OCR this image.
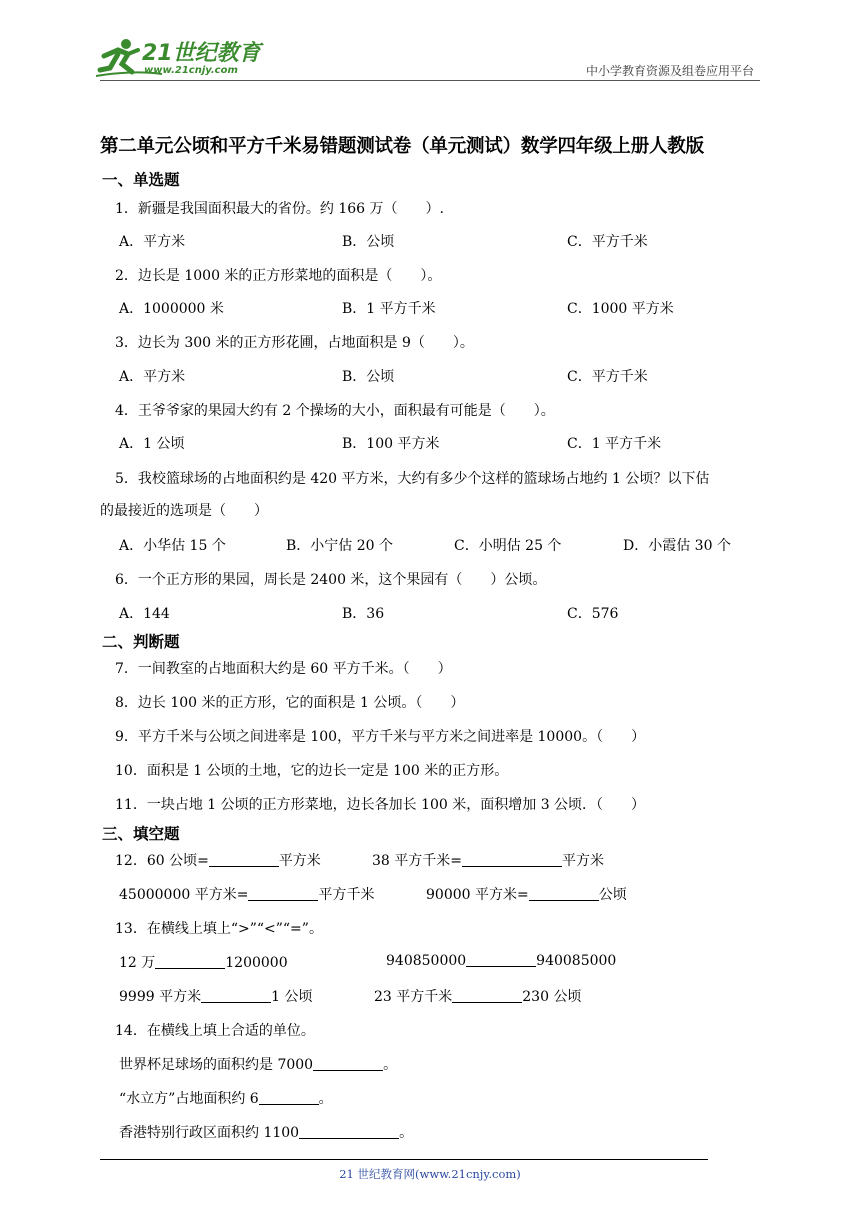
21世纪教育
www.21cnjy.com	中小学教育资源及组卷应用平台
第二单元公顷和平方千米易错题测试卷（单元测试）数学四年级上册人教版
一、单选题
1．新疆是我国面积最大的省份。约 166 万（　　）.
A．平方米	B．公顷	C．平方千米
2．边长是 1000 米的正方形菜地的面积是（　　）。
A．1000000 米	B．1 平方千米	C．1000 平方米
3．边长为 300 米的正方形花圃，占地面积是 9（　　）。
A．平方米	B．公顷	C．平方千米
4．王爷爷家的果园大约有 2 个操场的大小，面积最有可能是（　　）。
A．1 公顷	B．100 平方米	C．1 平方千米
5．我校篮球场的占地面积约是 420 平方米，大约有多少个这样的篮球场占地约 1 公顷？以下估
的最接近的选项是（　　）
A．小华估 15 个	B．小宁估 20 个	C．小明估 25 个	D．小霞估 30 个
6．一个正方形的果园，周长是 2400 米，这个果园有（　　）公顷。
A．144	B．36	C．576
二、判断题
7．一间教室的占地面积大约是 60 平方千米。（　　）
8．边长 100 米的正方形，它的面积是 1 公顷。（　　）
9．平方千米与公顷之间进率是 100，平方千米与平方米之间进率是 10000。（　　）
10．面积是 1 公顷的土地，它的边长一定是 100 米的正方形。
11．一块占地 1 公顷的正方形菜地，边长各加长 100 米，面积增加 3 公顷．（　　）
三、填空题
12．60 公顷=	平方米	38 平方千米=	平方米
45000000 平方米=	平方千米	90000 平方米=	公顷
13．在横线上填上“>”“<”“=”。
12 万	1200000	940850000	940085000
9999 平方米	1 公顷	23 平方千米	230 公顷
14．在横线上填上合适的单位。
世界杯足球场的面积约是 7000	。
“水立方”占地面积约 6	。
香港特别行政区面积约 1100	。
21 世纪教育网(www.21cnjy.com)
